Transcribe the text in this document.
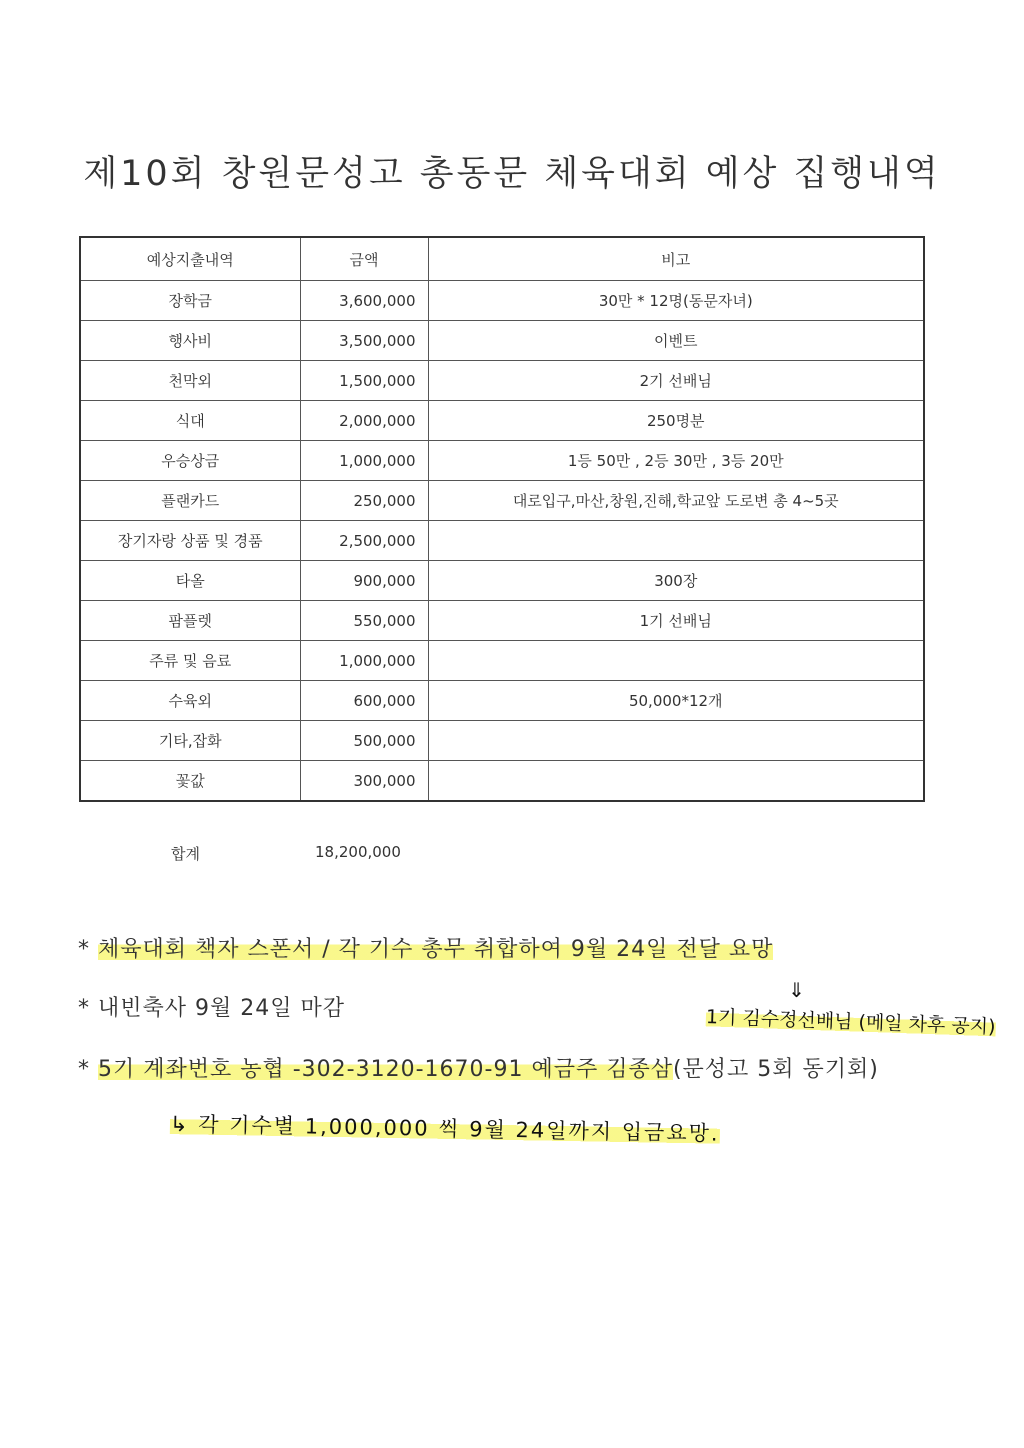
제10회 창원문성고 총동문 체육대회 예상 집행내역
예상지출내역	금액	비고
장학금	3,600,000	30만 * 12명(동문자녀)
행사비	3,500,000	이벤트
천막외	1,500,000	2기 선배님
식대	2,000,000	250명분
우승상금	1,000,000	1등 50만 , 2등 30만 , 3등 20만
플랜카드	250,000	대로입구,마산,창원,진해,학교앞 도로변 총 4~5곳
장기자랑 상품 및 경품	2,500,000	
타올	900,000	300장
팜플렛	550,000	1기 선배님
주류 및 음료	1,000,000	
수육외	600,000	50,000*12개
기타,잡화	500,000	
꽃값	300,000	
합계	18,200,000
* 체육대회 책자 스폰서 / 각 기수 총무 취합하여 9월 24일 전달 요망
* 내빈축사 9월 24일 마감
⇓
1기 김수정선배님 (메일 차후 공지)
* 5기 계좌번호 농협 -302-3120-1670-91 예금주 김종삼(문성고 5회 동기회)
↳ 각 기수별 1,000,000 씩 9월 24일까지 입금요망.
